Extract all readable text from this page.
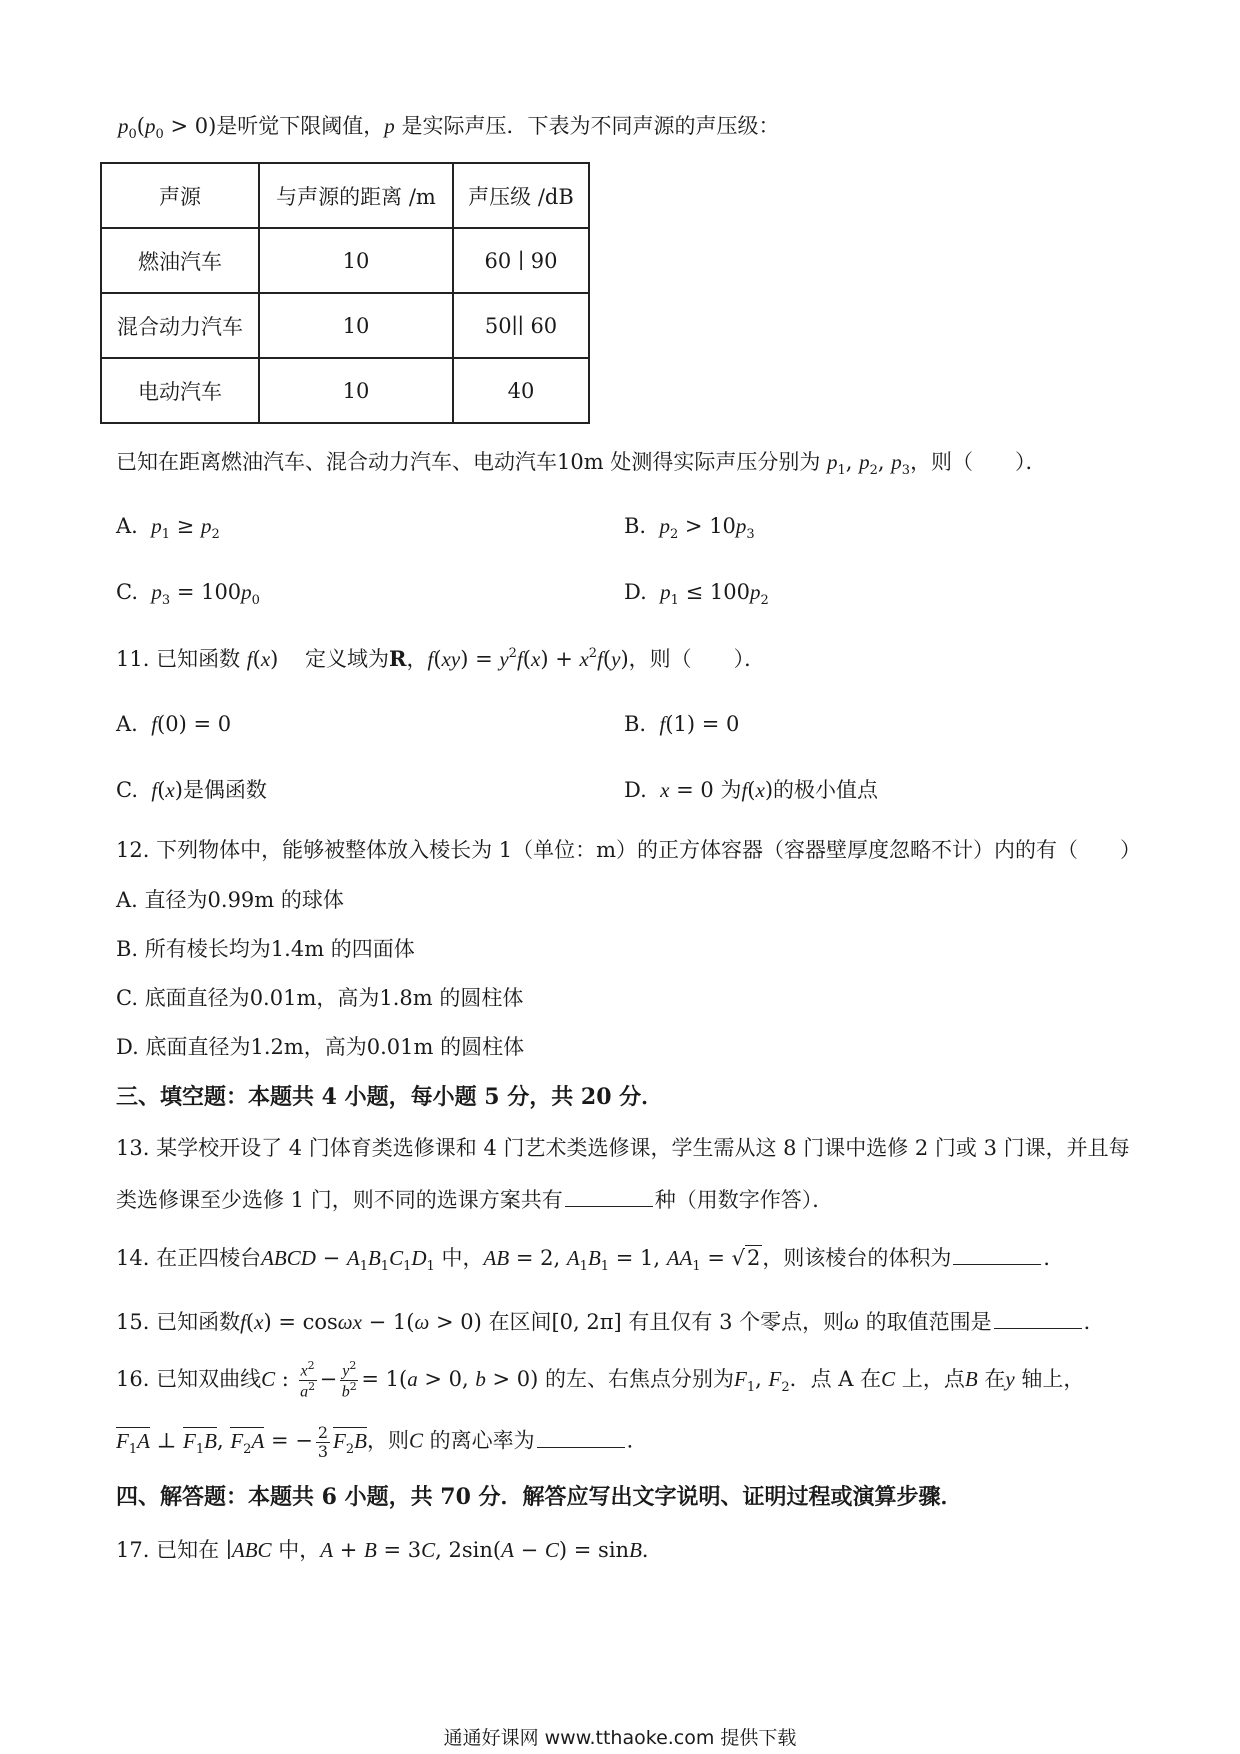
$p_0(p_0 > 0)$是听觉下限阈值，p 是实际声压．下表为不同声源的声压级：
声源	与声源的距离 /m	声压级 /dB
燃油汽车	10	60 ∣ 90
混合动力汽车	10	50∣∣ 60
电动汽车	10	40
已知在距离燃油汽车、混合动力汽车、电动汽车10m 处测得实际声压分别为 $p_1$, $p_2$, $p_3$，则（　　）．
A. $p_1 \ge p_2$	B. $p_2 > 10p_3$
C. $p_3 = 100p_0$	D. $p_1 \le 100p_2$
11. 已知函数 f(x)    定义域为R，$f(xy) = y^2f(x) + x^2f(y)$，则（　　）．
A. f(0) = 0	B. f(1) = 0
C. f(x)是偶函数	D. x = 0 为f(x)的极小值点
12. 下列物体中，能够被整体放入棱长为 1（单位：m）的正方体容器（容器壁厚度忽略不计）内的有（　　）
A. 直径为0.99m 的球体
B. 所有棱长均为1.4m 的四面体
C. 底面直径为0.01m，高为1.8m 的圆柱体
D. 底面直径为1.2m，高为0.01m 的圆柱体
三、填空题：本题共 4 小题，每小题 5 分，共 20 分．
13. 某学校开设了 4 门体育类选修课和 4 门艺术类选修课，学生需从这 8 门课中选修 2 门或 3 门课，并且每
类选修课至少选修 1 门，则不同的选课方案共有	种（用数字作答）．
14. 在正四棱台ABCD − $A_1B_1C_1D_1$ 中，AB = 2, $A_1B_1 = 1$, $AA_1 = √2$，则该棱台的体积为	．
15. 已知函数f(x) = cosωx − 1(ω > 0) 在区间[0, 2π] 有且仅有 3 个零点，则ω 的取值范围是	．
16. 已知双曲线C : $\frac{x^2}{a^2} - \frac{y^2}{b^2} = 1(a > 0$, b > 0) 的左、右焦点分别为$F_1$, $F_2$．点 A 在C 上，点B 在y 轴上，
$F_1A$ ⊥ $F_1B$, $F_2A$ = − $\frac{2}{3} F_2B$，则C 的离心率为	．
四、解答题：本题共 6 小题，共 70 分．解答应写出文字说明、证明过程或演算步骤．
17. 已知在 ∣ABC 中，A + B = 3C, 2sin(A − C) = sinB．
通通好课网 www.tthaoke.com 提供下载
